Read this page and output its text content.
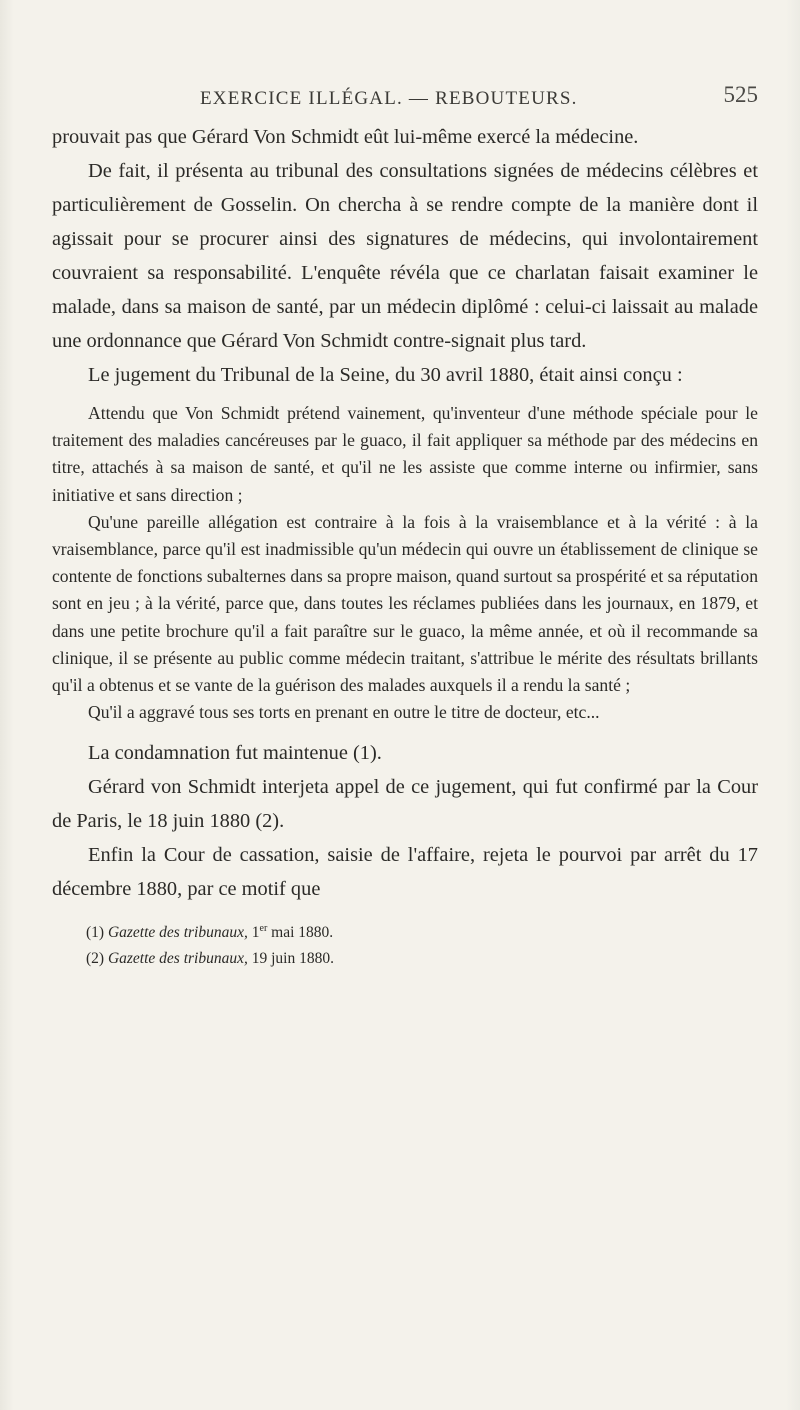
EXERCICE ILLÉGAL. — REBOUTEURS.	525

prouvait pas que Gérard Von Schmidt eût lui-même exercé la médecine.

De fait, il présenta au tribunal des consultations signées de médecins célèbres et particulièrement de Gosselin. On chercha à se rendre compte de la manière dont il agissait pour se procurer ainsi des signatures de médecins, qui involontairement couvraient sa responsabilité. L'enquête révéla que ce charlatan faisait examiner le malade, dans sa maison de santé, par un médecin diplômé : celui-ci laissait au malade une ordonnance que Gérard Von Schmidt contre-signait plus tard.

Le jugement du Tribunal de la Seine, du 30 avril 1880, était ainsi conçu :

Attendu que Von Schmidt prétend vainement, qu'inventeur d'une méthode spéciale pour le traitement des maladies cancéreuses par le guaco, il fait appliquer sa méthode par des médecins en titre, attachés à sa maison de santé, et qu'il ne les assiste que comme interne ou infirmier, sans initiative et sans direction ;

Qu'une pareille allégation est contraire à la fois à la vraisemblance et à la vérité : à la vraisemblance, parce qu'il est inadmissible qu'un médecin qui ouvre un établissement de clinique se contente de fonctions subalternes dans sa propre maison, quand surtout sa prospérité et sa réputation sont en jeu ; à la vérité, parce que, dans toutes les réclames publiées dans les journaux, en 1879, et dans une petite brochure qu'il a fait paraître sur le guaco, la même année, et où il recommande sa clinique, il se présente au public comme médecin traitant, s'attribue le mérite des résultats brillants qu'il a obtenus et se vante de la guérison des malades auxquels il a rendu la santé ;

Qu'il a aggravé tous ses torts en prenant en outre le titre de docteur, etc...

La condamnation fut maintenue (1).

Gérard von Schmidt interjeta appel de ce jugement, qui fut confirmé par la Cour de Paris, le 18 juin 1880 (2).

Enfin la Cour de cassation, saisie de l'affaire, rejeta le pourvoi par arrêt du 17 décembre 1880, par ce motif que

(1) Gazette des tribunaux, 1er mai 1880.

(2) Gazette des tribunaux, 19 juin 1880.
